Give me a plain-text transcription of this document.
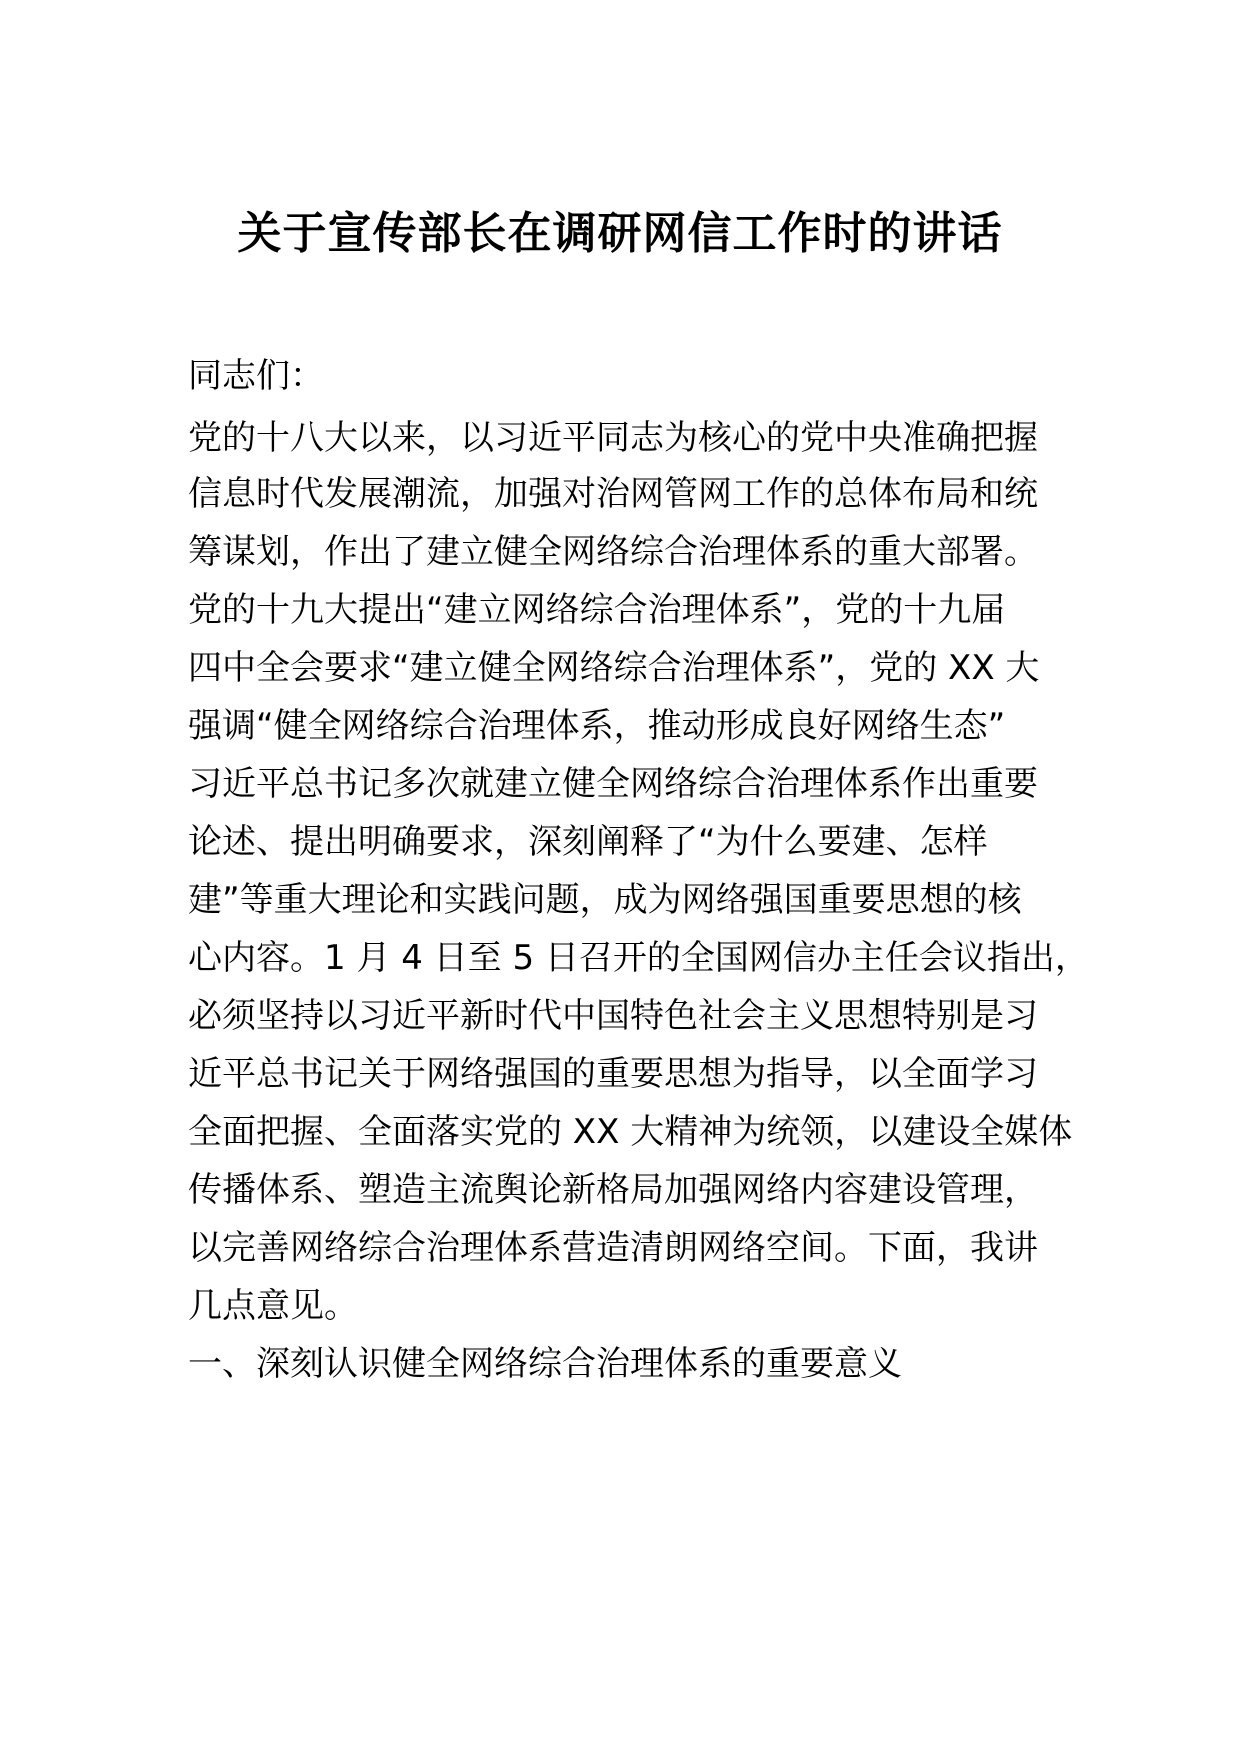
关于宣传部长在调研网信工作时的讲话
同志们：
党的十八大以来，以习近平同志为核心的党中央准确把握
信息时代发展潮流，加强对治网管网工作的总体布局和统
筹谋划，作出了建立健全网络综合治理体系的重大部署。
党的十九大提出“建立网络综合治理体系”，党的十九届
四中全会要求“建立健全网络综合治理体系”，党的 XX 大
强调“健全网络综合治理体系，推动形成良好网络生态”
习近平总书记多次就建立健全网络综合治理体系作出重要
论述、提出明确要求，深刻阐释了“为什么要建、怎样
建”等重大理论和实践问题，成为网络强国重要思想的核
心内容。1 月 4 日至 5 日召开的全国网信办主任会议指出，
必须坚持以习近平新时代中国特色社会主义思想特别是习
近平总书记关于网络强国的重要思想为指导，以全面学习
全面把握、全面落实党的 XX 大精神为统领，以建设全媒体
传播体系、塑造主流舆论新格局加强网络内容建设管理，
以完善网络综合治理体系营造清朗网络空间。下面，我讲
几点意见。
一、深刻认识健全网络综合治理体系的重要意义
